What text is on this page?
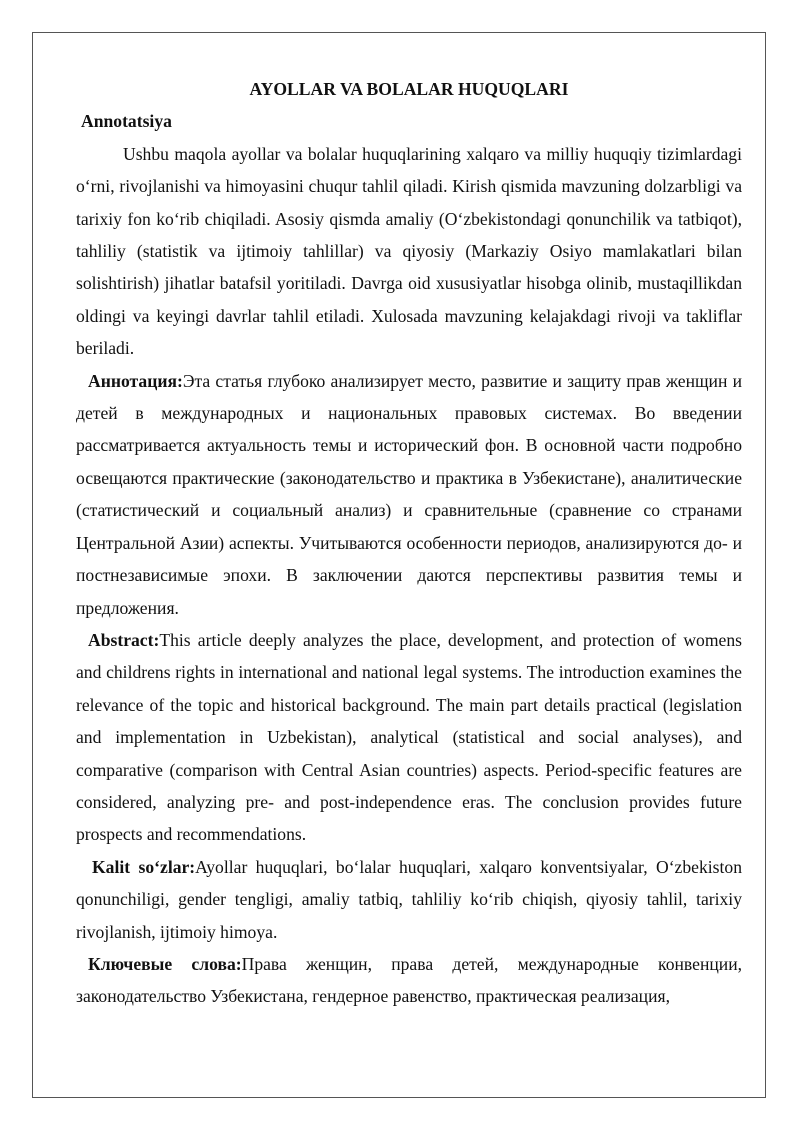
AYOLLAR VA BOLALAR HUQUQLARI

Annotatsiya

Ushbu maqola ayollar va bolalar huquqlarining xalqaro va milliy huquqiy tizimlardagi o‘rni, rivojlanishi va himoyasini chuqur tahlil qiladi. Kirish qismida mavzuning dolzarbligi va tarixiy fon ko‘rib chiqiladi. Asosiy qismda amaliy (O‘zbekistondagi qonunchilik va tatbiqot), tahliliy (statistik va ijtimoiy tahlillar) va qiyosiy (Markaziy Osiyo mamlakatlari bilan solishtirish) jihatlar batafsil yoritiladi. Davrga oid xususiyatlar hisobga olinib, mustaqillikdan oldingi va keyingi davrlar tahlil etiladi. Xulosada mavzuning kelajakdagi rivoji va takliflar beriladi.

Аннотация:Эта статья глубоко анализирует место, развитие и защиту прав женщин и детей в международных и национальных правовых системах. Во введении рассматривается актуальность темы и исторический фон. В основной части подробно освещаются практические (законодательство и практика в Узбекистане), аналитические (статистический и социальный анализ) и сравнительные (сравнение со странами Центральной Азии) аспекты. Учитываются особенности периодов, анализируются до- и постнезависимые эпохи. В заключении даются перспективы развития темы и предложения.

Abstract:This article deeply analyzes the place, development, and protection of womens and childrens rights in international and national legal systems. The introduction examines the relevance of the topic and historical background. The main part details practical (legislation and implementation in Uzbekistan), analytical (statistical and social analyses), and comparative (comparison with Central Asian countries) aspects. Period-specific features are considered, analyzing pre- and post-independence eras. The conclusion provides future prospects and recommendations.

Kalit so‘zlar:Ayollar huquqlari, bo‘lalar huquqlari, xalqaro konventsiyalar, O‘zbekiston qonunchiligi, gender tengligi, amaliy tatbiq, tahliliy ko‘rib chiqish, qiyosiy tahlil, tarixiy rivojlanish, ijtimoiy himoya.

Ключевые слова:Права женщин, права детей, международные конвенции, законодательство Узбекистана, гендерное равенство, практическая реализация,
